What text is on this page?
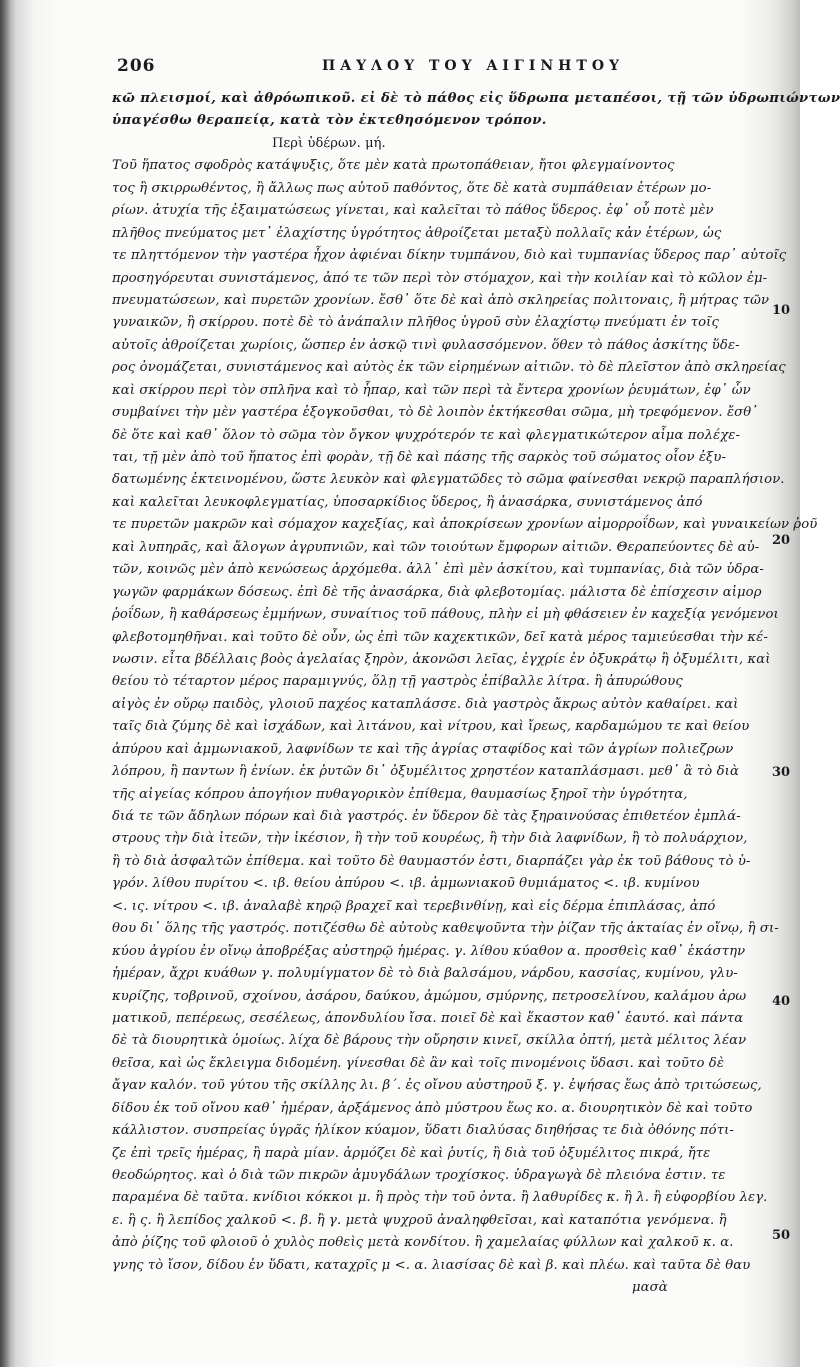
206	ΠΑΥΛΟΥ ΤΟΥ ΑΙΓΙΝΗΤΟΥ
κῶ πλεισμοί, καὶ ἀθρόωπικοῦ. εἰ δὲ τὸ πάθος εἰς ὕδρωπα μεταπέσοι, τῇ τῶν ὑδρωπιώντων
ὑπαγέσθω θεραπείᾳ, κατὰ τὸν ἐκτεθησόμενον τρόπον.
Περὶ ὑδέρων. μή.
Τοῦ ἥπατος σφοδρὸς κατάψυξις, ὅτε μὲν κατὰ πρωτοπάθειαν, ἤτοι φλεγμαίνοντος
τος ἢ σκιρρωθέντος, ἢ ἄλλως πως αὐτοῦ παθόντος, ὅτε δὲ κατὰ συμπάθειαν ἑτέρων μο-
ρίων. ἀτυχία τῆς ἐξαιματώσεως γίνεται, καὶ καλεῖται τὸ πάθος ὕδερος. ἐφ᾽ οὗ ποτὲ μὲν
πλῆθος πνεύματος μετ᾽ ἐλαχίστης ὑγρότητος ἀθροίζεται μεταξὺ πολλαῖς κἀν ἑτέρων, ὡς
τε πληττόμενον τὴν γαστέρα ἦχον ἀφιέναι δίκην τυμπάνου, διὸ καὶ τυμπανίας ὕδερος παρ᾽ αὐτοῖς
προσηγόρευται συνιστάμενος, ἀπό τε τῶν περὶ τὸν στόμαχον, καὶ τὴν κοιλίαν καὶ τὸ κῶλον ἐμ-
πνευματώσεων, καὶ πυρετῶν χρονίων. ἔσθ᾽ ὅτε δὲ καὶ ἀπὸ σκληρείας πολιτοναις, ἢ μήτρας τῶν
γυναικῶν, ἢ σκίρρου. ποτὲ δὲ τὸ ἀνάπαλιν πλῆθος ὑγροῦ σὺν ἐλαχίστῳ πνεύματι ἐν τοῖς
αὐτοῖς ἀθροίζεται χωρίοις, ὥσπερ ἐν ἀσκῷ τινὶ φυλασσόμενον. ὅθεν τὸ πάθος ἀσκίτης ὕδε-
ρος ὀνομάζεται, συνιστάμενος καὶ αὐτὸς ἐκ τῶν εἰρημένων αἰτιῶν. τὸ δὲ πλεῖστον ἀπὸ σκληρείας
καὶ σκίρρου περὶ τὸν σπλῆνα καὶ τὸ ἧπαρ, καὶ τῶν περὶ τὰ ἔντερα χρονίων ῥευμάτων, ἐφ᾽ ὧν
συμβαίνει τὴν μὲν γαστέρα ἐξογκοῦσθαι, τὸ δὲ λοιπὸν ἐκτήκεσθαι σῶμα, μὴ τρεφόμενον. ἔσθ᾽
δὲ ὅτε καὶ καθ᾽ ὅλον τὸ σῶμα τὸν ὄγκον ψυχρότερόν τε καὶ φλεγματικώτερον αἷμα πολέχε-
ται, τῇ μὲν ἀπὸ τοῦ ἥπατος ἐπὶ φορὰν, τῇ δὲ καὶ πάσης τῆς σαρκὸς τοῦ σώματος οἷον ἐξυ-
δατωμένης ἐκτεινομένου, ὥστε λευκὸν καὶ φλεγματῶδες τὸ σῶμα φαίνεσθαι νεκρῷ παραπλήσιον.
καὶ καλεῖται λευκοφλεγματίας, ὑποσαρκίδιος ὕδερος, ἢ ἀνασάρκα, συνιστάμενος ἀπό
τε πυρετῶν μακρῶν καὶ σόμαχον καχεξίας, καὶ ἀποκρίσεων χρονίων αἱμορροΐδων, καὶ γυναικείων ῥοῦ
καὶ λυπηρᾶς, καὶ ἄλογων ἀγρυπνιῶν, καὶ τῶν τοιούτων ἔμφορων αἰτιῶν. Θεραπεύοντες δὲ αὐ-
τῶν, κοινῶς μὲν ἀπὸ κενώσεως ἀρχόμεθα. ἀλλ᾽ ἐπὶ μὲν ἀσκίτου, καὶ τυμπανίας, διὰ τῶν ὑδρα-
γωγῶν φαρμάκων δόσεως. ἐπὶ δὲ τῆς ἀνασάρκα, διὰ φλεβοτομίας. μάλιστα δὲ ἐπίσχεσιν αἱμορ
ῥοΐδων, ἢ καθάρσεως ἐμμήνων, συναίτιος τοῦ πάθους, πλὴν εἰ μὴ φθάσειεν ἐν καχεξίᾳ γενόμενοι
φλεβοτομηθῆναι. καὶ τοῦτο δὲ οὖν, ὡς ἐπὶ τῶν καχεκτικῶν, δεῖ κατὰ μέρος ταμιεύεσθαι τὴν κέ-
νωσιν. εἶτα βδέλλαις βοὸς ἀγελαίας ξηρὸν, ἀκονῶσι λεῖας, ἐγχρίε ἐν ὀξυκράτῳ ἢ ὀξυμέλιτι, καὶ
θείου τὸ τέταρτον μέρος παραμιγνύς, ὅλῃ τῇ γαστρὸς ἐπίβαλλε λίτρα. ἢ ἀπυρώθους
αἰγὸς ἐν οὔρῳ παιδὸς, γλοιοῦ παχέος καταπλάσσε. διὰ γαστρὸς ἄκρως αὐτὸν καθαίρει. καὶ
ταῖς διὰ ζύμης δὲ καὶ ἰσχάδων, καὶ λιτάνου, καὶ νίτρου, καὶ ἴρεως, καρδαμώμου τε καὶ θείου
ἀπύρου καὶ ἀμμωνιακοῦ, λαφνίδων τε καὶ τῆς ἀγρίας σταφίδος καὶ τῶν ἀγρίων πολιεζρων
λόπρου, ἢ παντων ἢ ἐνίων. ἐκ ῥυτῶν δι᾽ ὀξυμέλιτος χρηστέον καταπλάσμασι. μεθ᾽ ἃ τὸ διὰ
τῆς αἰγείας κόπρου ἀπογήιον πυθαγορικὸν ἐπίθεμα, θαυμασίως ξηροῖ τὴν ὑγρότητα,
διά τε τῶν ἄδηλων πόρων καὶ διὰ γαστρός. ἐν ὕδερον δὲ τὰς ξηραινούσας ἐπιθετέον ἐμπλά-
στρους τὴν διὰ ἰτεῶν, τὴν ἰκέσιον, ἢ τὴν τοῦ κουρέως, ἢ τὴν διὰ λαφνίδων, ἢ τὸ πολυάρχιον,
ἢ τὸ διὰ ἀσφαλτῶν ἐπίθεμα. καὶ τοῦτο δὲ θαυμαστόν ἐστι, διαρπάζει γὰρ ἐκ τοῦ βάθους τὸ ὑ-
γρόν. λίθου πυρίτου <. ιβ. θείου ἀπύρου <. ιβ. ἀμμωνιακοῦ θυμιάματος <. ιβ. κυμίνου
<. ις. νίτρου <. ιβ. ἀναλαβὲ κηρῷ βραχεῖ καὶ τερεβινθίνῃ, καὶ εἰς δέρμα ἐπιπλάσας, ἀπό
θου δι᾽ ὅλης τῆς γαστρός. ποτιζέσθω δὲ αὐτοὺς καθεψοῦντα τὴν ῥίζαν τῆς ἀκταίας ἐν οἴνῳ, ἢ σι-
κύου ἀγρίου ἐν οἴνῳ ἀποβρέξας αὐστηρῷ ἡμέρας. γ. λίθου κύαθον α. προσθεὶς καθ᾽ ἑκάστην
ἡμέραν, ἄχρι κυάθων γ. πολυμίγματον δὲ τὸ διὰ βαλσάμου, νάρδου, κασσίας, κυμίνου, γλυ-
κυρίζης, τοβρινοῦ, σχοίνου, ἀσάρου, δαύκου, ἀμώμου, σμύρνης, πετροσελίνου, καλάμου ἀρω
ματικοῦ, πεπέρεως, σεσέλεως, ἀπονδυλίου ἴσα. ποιεῖ δὲ καὶ ἕκαστον καθ᾽ ἑαυτό. καὶ πάντα
δὲ τὰ διουρητικὰ ὁμοίως. λίχα δὲ βάρους τὴν οὔρησιν κινεῖ, σκίλλα ὀπτή, μετὰ μέλιτος λέαν
θεῖσα, καὶ ὡς ἔκλειγμα διδομένη. γίνεσθαι δὲ ἂν καὶ τοῖς πινομένοις ὕδασι. καὶ τοῦτο δὲ
ἄγαν καλόν. τοῦ γύτου τῆς σκίλλης λι. β΄. ἐς οἴνου αὐστηροῦ ξ. γ. ἐψήσας ἕως ἀπὸ τριτώσεως,
δίδου ἐκ τοῦ οἴνου καθ᾽ ἡμέραν, ἀρξάμενος ἀπὸ μύστρου ἕως κο. α. διουρητικὸν δὲ καὶ τοῦτο
κάλλιστον. συσπρείας ὑγρᾶς ἡλίκον κύαμον, ὕδατι διαλύσας διηθήσας τε διὰ ὀθόνης πότι-
ζε ἐπὶ τρεῖς ἡμέρας, ἢ παρὰ μίαν. ἁρμόζει δὲ καὶ ῥυτίς, ἢ διὰ τοῦ ὀξυμέλιτος πικρά, ἤτε
θεοδώρητος. καὶ ὁ διὰ τῶν πικρῶν ἀμυγδάλων τροχίσκος. ὑδραγωγὰ δὲ πλειόνα ἐστιν. τε
παραμένα δὲ ταῦτα. κνίδιοι κόκκοι μ. ἢ πρὸς τὴν τοῦ ὀντα. ἢ λαθυρίδες κ. ἢ λ. ἢ εὐφορβίου λεγ.
ε. ἢ ς. ἢ λεπίδος χαλκοῦ <. β. ἢ γ. μετὰ ψυχροῦ ἀναληφθεῖσαι, καὶ καταπότια γενόμενα. ἢ
ἀπὸ ῥίζης τοῦ φλοιοῦ ὁ χυλὸς ποθεὶς μετὰ κονδίτου. ἢ χαμελαίας φύλλων καὶ χαλκοῦ κ. α.
γνης τὸ ἴσον, δίδου ἐν ὕδατι, καταχρῖς μ <. α. λιασίσας δὲ καὶ β. καὶ πλέω. καὶ ταῦτα δὲ θαυ
μασὰ
10
20
30
40
50
